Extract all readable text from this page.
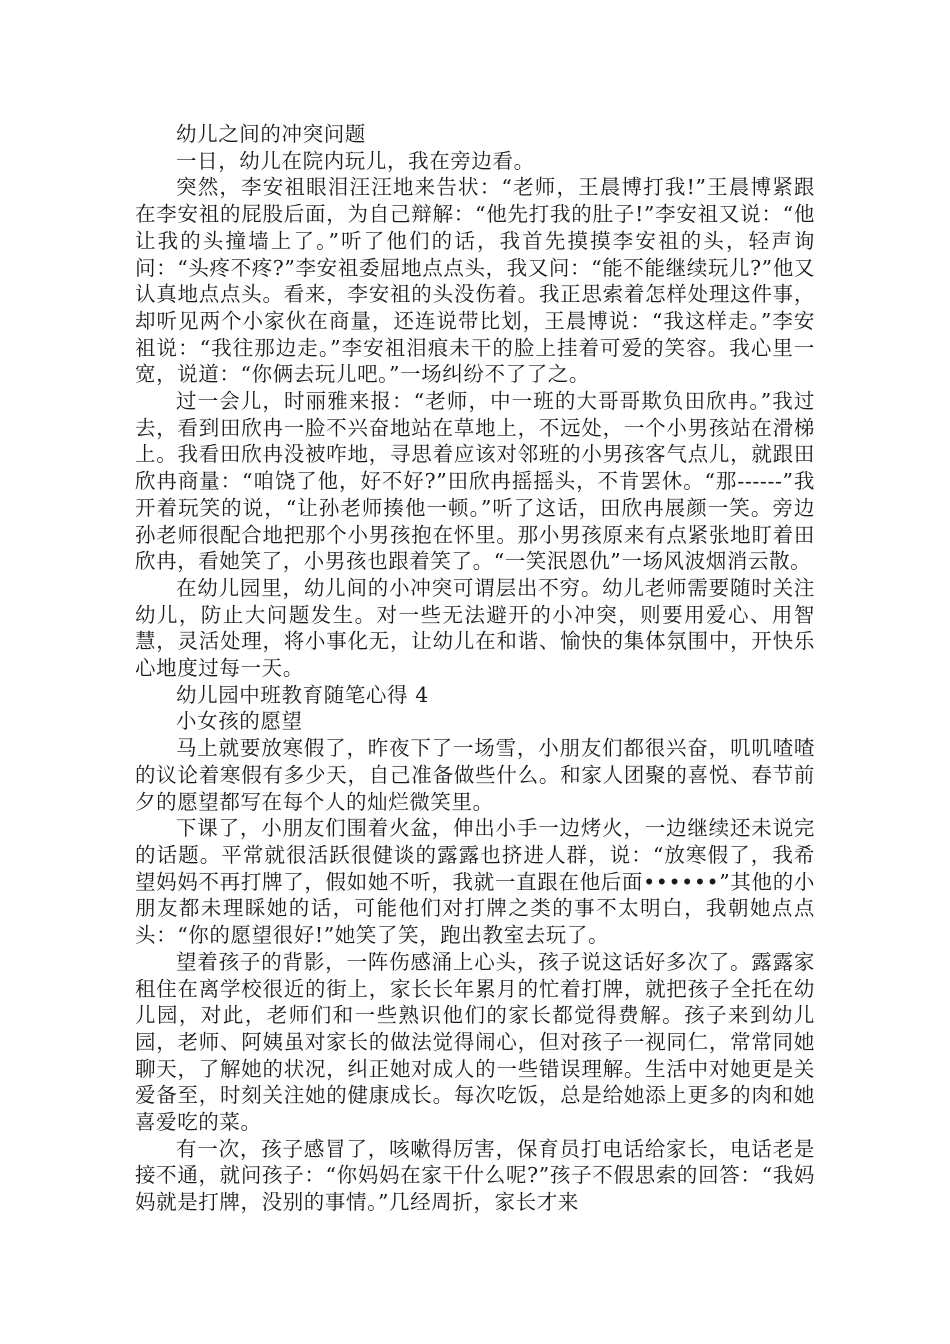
幼儿之间的冲突问题

一日，幼儿在院内玩儿，我在旁边看。

突然，李安祖眼泪汪汪地来告状：“老师，王晨博打我!”王晨博紧跟在李安祖的屁股后面，为自己辩解：“他先打我的肚子!”李安祖又说：“他让我的头撞墙上了。”听了他们的话，我首先摸摸李安祖的头，轻声询问：“头疼不疼?”李安祖委屈地点点头，我又问：“能不能继续玩儿?”他又认真地点点头。看来，李安祖的头没伤着。我正思索着怎样处理这件事，却听见两个小家伙在商量，还连说带比划，王晨博说：“我这样走。”李安祖说：“我往那边走。”李安祖泪痕未干的脸上挂着可爱的笑容。我心里一宽，说道：“你俩去玩儿吧。”一场纠纷不了了之。

过一会儿，时丽雅来报：“老师，中一班的大哥哥欺负田欣冉。”我过去，看到田欣冉一脸不兴奋地站在草地上，不远处，一个小男孩站在滑梯上。我看田欣冉没被咋地，寻思着应该对邻班的小男孩客气点儿，就跟田欣冉商量：“咱饶了他，好不好?”田欣冉摇摇头，不肯罢休。“那------”我开着玩笑的说，“让孙老师揍他一顿。”听了这话，田欣冉展颜一笑。旁边孙老师很配合地把那个小男孩抱在怀里。那小男孩原来有点紧张地盯着田欣冉，看她笑了，小男孩也跟着笑了。“一笑泯恩仇”一场风波烟消云散。

在幼儿园里，幼儿间的小冲突可谓层出不穷。幼儿老师需要随时关注幼儿，防止大问题发生。对一些无法避开的小冲突，则要用爱心、用智慧，灵活处理，将小事化无，让幼儿在和谐、愉快的集体氛围中，开快乐心地度过每一天。

幼儿园中班教育随笔心得 4

小女孩的愿望

马上就要放寒假了，昨夜下了一场雪，小朋友们都很兴奋，叽叽喳喳的议论着寒假有多少天，自己准备做些什么。和家人团聚的喜悦、春节前夕的愿望都写在每个人的灿烂微笑里。

下课了，小朋友们围着火盆，伸出小手一边烤火，一边继续还未说完的话题。平常就很活跃很健谈的露露也挤进人群，说：“放寒假了，我希望妈妈不再打牌了，假如她不听，我就一直跟在他后面••••••”其他的小朋友都未理睬她的话，可能他们对打牌之类的事不太明白，我朝她点点头：“你的愿望很好!”她笑了笑，跑出教室去玩了。

望着孩子的背影，一阵伤感涌上心头，孩子说这话好多次了。露露家租住在离学校很近的街上，家长长年累月的忙着打牌，就把孩子全托在幼儿园，对此，老师们和一些熟识他们的家长都觉得费解。孩子来到幼儿园，老师、阿姨虽对家长的做法觉得闹心，但对孩子一视同仁，常常同她聊天，了解她的状况，纠正她对成人的一些错误理解。生活中对她更是关爱备至，时刻关注她的健康成长。每次吃饭，总是给她添上更多的肉和她喜爱吃的菜。

有一次，孩子感冒了，咳嗽得厉害，保育员打电话给家长，电话老是接不通，就问孩子：“你妈妈在家干什么呢?”孩子不假思索的回答：“我妈妈就是打牌，没别的事情。”几经周折，家长才来
